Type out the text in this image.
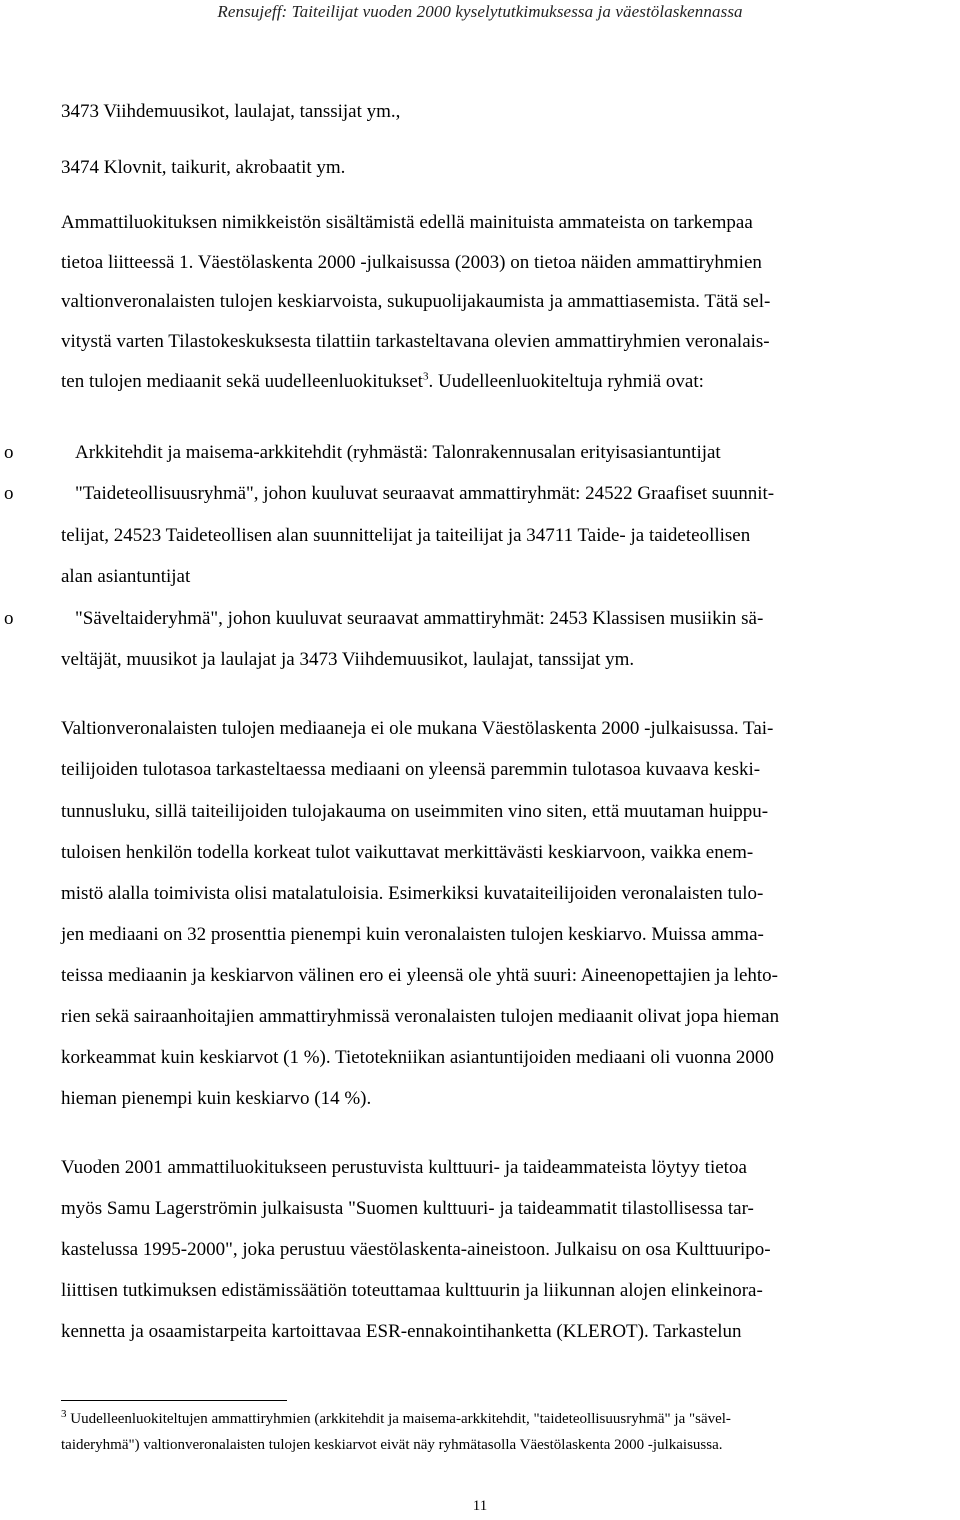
Rensujeff: Taiteilijat vuoden 2000 kyselytutkimuksessa ja väestölaskennassa
3473 Viihdemuusikot, laulajat, tanssijat ym.,
3474 Klovnit, taikurit, akrobaatit ym.
Ammattiluokituksen nimikkeistön sisältämistä edellä mainituista ammateista on tarkempaa
tietoa liitteessä 1. Väestölaskenta 2000 -julkaisussa (2003) on tietoa näiden ammattiryhmien
valtionveronalaisten tulojen keskiarvoista, sukupuolijakaumista ja ammattiasemista. Tätä sel-
vitystä varten Tilastokeskuksesta tilattiin tarkasteltavana olevien ammattiryhmien veronalais-
ten tulojen mediaanit sekä uudelleenluokitukset$^3$. Uudelleenluokiteltuja ryhmiä ovat:
o	Arkkitehdit ja maisema-arkkitehdit (ryhmästä: Talonrakennusalan erityisasiantuntijat
o	"Taideteollisuusryhmä", johon kuuluvat seuraavat ammattiryhmät: 24522 Graafiset suunnit-
telijat, 24523 Taideteollisen alan suunnittelijat ja taiteilijat ja 34711 Taide- ja taideteollisen
alan asiantuntijat
o	"Säveltaideryhmä", johon kuuluvat seuraavat ammattiryhmät: 2453 Klassisen musiikin sä-
veltäjät, muusikot ja laulajat ja 3473 Viihdemuusikot, laulajat, tanssijat ym.
Valtionveronalaisten tulojen mediaaneja ei ole mukana Väestölaskenta 2000 -julkaisussa. Tai-
teilijoiden tulotasoa tarkasteltaessa mediaani on yleensä paremmin tulotasoa kuvaava keski-
tunnusluku, sillä taiteilijoiden tulojakauma on useimmiten vino siten, että muutaman huippu-
tuloisen henkilön todella korkeat tulot vaikuttavat merkittävästi keskiarvoon, vaikka enem-
mistö alalla toimivista olisi matalatuloisia. Esimerkiksi kuvataiteilijoiden veronalaisten tulo-
jen mediaani on 32 prosenttia pienempi kuin veronalaisten tulojen keskiarvo. Muissa amma-
teissa mediaanin ja keskiarvon välinen ero ei yleensä ole yhtä suuri: Aineenopettajien ja lehto-
rien sekä sairaanhoitajien ammattiryhmissä veronalaisten tulojen mediaanit olivat jopa hieman
korkeammat kuin keskiarvot (1 %). Tietotekniikan asiantuntijoiden mediaani oli vuonna 2000
hieman pienempi kuin keskiarvo (14 %).
Vuoden 2001 ammattiluokitukseen perustuvista kulttuuri- ja taideammateista löytyy tietoa
myös Samu Lagerströmin julkaisusta "Suomen kulttuuri- ja taideammatit tilastollisessa tar-
kastelussa 1995-2000", joka perustuu väestölaskenta-aineistoon. Julkaisu on osa Kulttuuripo-
liittisen tutkimuksen edistämissäätiön toteuttamaa kulttuurin ja liikunnan alojen elinkeinora-
kennetta ja osaamistarpeita kartoittavaa ESR-ennakointihanketta (KLEROT). Tarkastelun
$^3$ Uudelleenluokiteltujen ammattiryhmien (arkkitehdit ja maisema-arkkitehdit, "taideteollisuusryhmä" ja "sävel-
taideryhmä") valtionveronalaisten tulojen keskiarvot eivät näy ryhmätasolla Väestölaskenta 2000 -julkaisussa.
11
